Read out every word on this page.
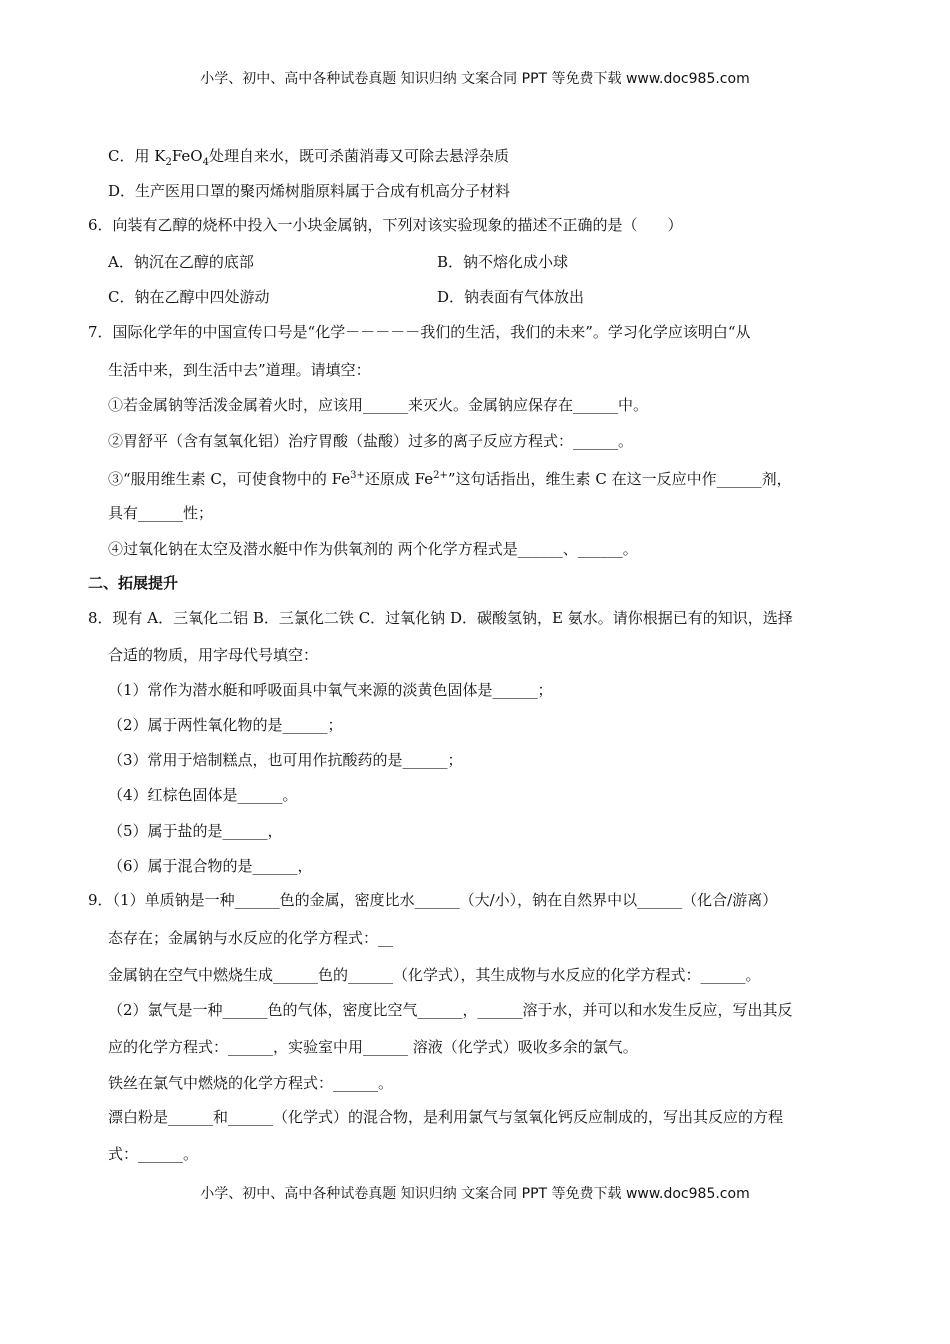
小学、初中、高中各种试卷真题 知识归纳 文案合同 PPT 等免费下载 www.doc985.com
C．用 $K_2FeO_4$处理自来水，既可杀菌消毒又可除去悬浮杂质
D．生产医用口罩的聚丙烯树脂原料属于合成有机高分子材料
6．向装有乙醇的烧杯中投入一小块金属钠，下列对该实验现象的描述不正确的是（　　）
A．钠沉在乙醇的底部	B．钠不熔化成小球
C．钠在乙醇中四处游动	D．钠表面有气体放出
7．国际化学年的中国宣传口号是“化学－－－－－我们的生活，我们的未来”。学习化学应该明白“从
生活中来，到生活中去”道理。请填空：
①若金属钠等活泼金属着火时，应该用______来灭火。金属钠应保存在______中。
②胃舒平（含有氢氧化铝）治疗胃酸（盐酸）过多的离子反应方程式：______。
③“服用维生素 C，可使食物中的 $Fe^{3+}$还原成 $Fe^{2+}$”这句话指出，维生素 C 在这一反应中作______剂，
具有______性；
④过氧化钠在太空及潜水艇中作为供氧剂的 两个化学方程式是______、______。
二、拓展提升
8．现有 A．三氧化二铝 B．三氯化二铁 C．过氧化钠 D．碳酸氢钠，E 氨水。请你根据已有的知识，选择
合适的物质，用字母代号填空：
（1）常作为潜水艇和呼吸面具中氧气来源的淡黄色固体是______；
（2）属于两性氧化物的是______；
（3）常用于焙制糕点，也可用作抗酸药的是______；
（4）红棕色固体是______。
（5）属于盐的是______，
（6）属于混合物的是______，
9．（1）单质钠是一种______色的金属，密度比水______（大/小），钠在自然界中以______（化合/游离）
态存在；金属钠与水反应的化学方程式：__
金属钠在空气中燃烧生成______色的______（化学式），其生成物与水反应的化学方程式：______。
（2）氯气是一种______色的气体，密度比空气______，______溶于水，并可以和水发生反应，写出其反
应的化学方程式：______，实验室中用______ 溶液（化学式）吸收多余的氯气。
铁丝在氯气中燃烧的化学方程式：______。
漂白粉是______和______（化学式）的混合物，是利用氯气与氢氧化钙反应制成的，写出其反应的方程
式：______。
小学、初中、高中各种试卷真题 知识归纳 文案合同 PPT 等免费下载 www.doc985.com
